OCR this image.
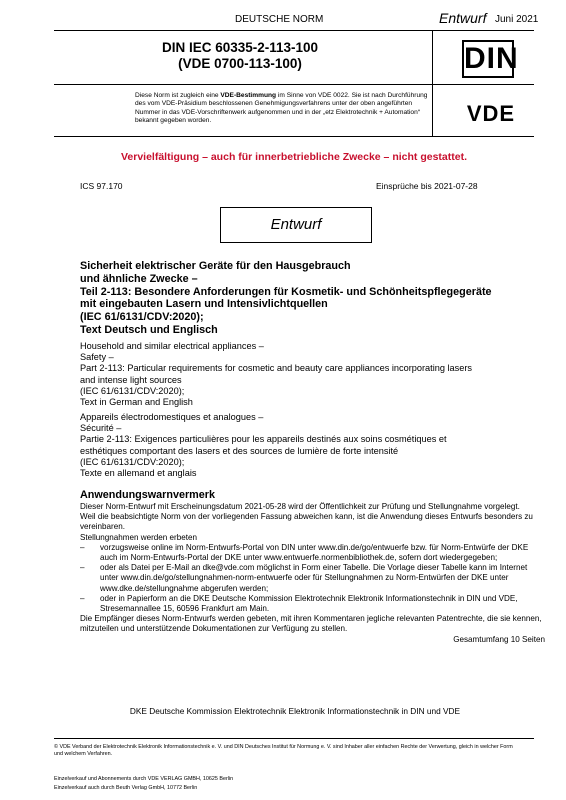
DEUTSCHE NORM	Entwurf Juni 2021
DIN IEC 60335-2-113-100
(VDE 0700-113-100)	DIN
Diese Norm ist zugleich eine VDE-Bestimmung im Sinne von VDE 0022. Sie ist nach Durchführung des vom VDE-Präsidium beschlossenen Genehmigungsverfahrens unter der oben angeführten Nummer in das VDE-Vorschriftenwerk aufgenommen und in der „etz Elektrotechnik + Automation“ bekannt gegeben worden.	VDE
Vervielfältigung – auch für innerbetriebliche Zwecke – nicht gestattet.
ICS 97.170	Einsprüche bis 2021-07-28
Entwurf
Sicherheit elektrischer Geräte für den Hausgebrauch
und ähnliche Zwecke –
Teil 2-113: Besondere Anforderungen für Kosmetik- und Schönheitspflegegeräte
mit eingebauten Lasern und Intensivlichtquellen
(IEC 61/6131/CDV:2020);
Text Deutsch und Englisch
Household and similar electrical appliances –
Safety –
Part 2-113: Particular requirements for cosmetic and beauty care appliances incorporating lasers
and intense light sources
(IEC 61/6131/CDV:2020);
Text in German and English
Appareils électrodomestiques et analogues –
Sécurité –
Partie 2-113: Exigences particulières pour les appareils destinés aux soins cosmétiques et
esthétiques comportant des lasers et des sources de lumière de forte intensité
(IEC 61/6131/CDV:2020);
Texte en allemand et anglais
Anwendungswarnvermerk

Dieser Norm-Entwurf mit Erscheinungsdatum 2021-05-28 wird der Öffentlichkeit zur Prüfung und Stellungnahme vorgelegt.

Weil die beabsichtigte Norm von der vorliegenden Fassung abweichen kann, ist die Anwendung dieses Entwurfs besonders zu vereinbaren.

Stellungnahmen werden erbeten

–	vorzugsweise online im Norm-Entwurfs-Portal von DIN unter www.din.de/go/entwuerfe bzw. für Norm-Entwürfe der DKE auch im Norm-Entwurfs-Portal der DKE unter www.entwuerfe.normenbibliothek.de, sofern dort wiedergegeben;
–	oder als Datei per E-Mail an dke@vde.com möglichst in Form einer Tabelle. Die Vorlage dieser Tabelle kann im Internet unter www.din.de/go/stellungnahmen-norm-entwuerfe oder für Stellungnahmen zu Norm-Entwürfen der DKE unter www.dke.de/stellungnahme abgerufen werden;
–	oder in Papierform an die DKE Deutsche Kommission Elektrotechnik Elektronik Informationstechnik in DIN und VDE, Stresemannallee 15, 60596 Frankfurt am Main.

Die Empfänger dieses Norm-Entwurfs werden gebeten, mit ihren Kommentaren jegliche relevanten Patentrechte, die sie kennen, mitzuteilen und unterstützende Dokumentationen zur Verfügung zu stellen.

Gesamtumfang 10 Seiten
DKE Deutsche Kommission Elektrotechnik Elektronik Informationstechnik in DIN und VDE
© VDE Verband der Elektrotechnik Elektronik Informationstechnik e. V. und DIN Deutsches Institut für Normung e. V. sind Inhaber aller einfachen Rechte der Verwertung, gleich in welcher Form und welchem Verfahren.
Einzelverkauf und Abonnements durch VDE VERLAG GMBH, 10625 Berlin
Einzelverkauf auch durch Beuth Verlag GmbH, 10772 Berlin
